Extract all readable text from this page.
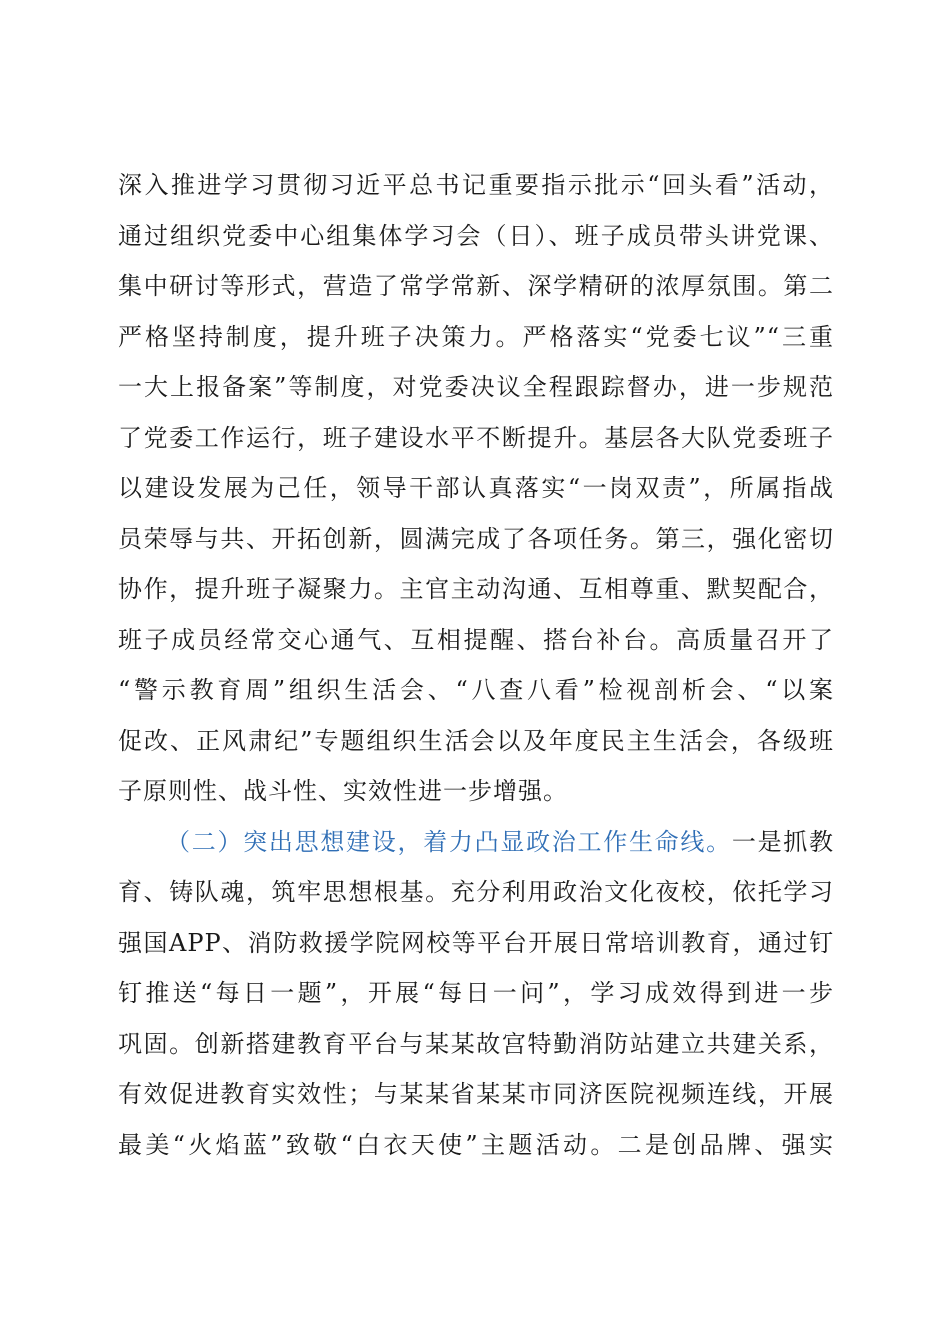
深入推进学习贯彻习近平总书记重要指示批示“回头看”活动，
通过组织党委中心组集体学习会（日）、班子成员带头讲党课、
集中研讨等形式，营造了常学常新、深学精研的浓厚氛围。第二
严格坚持制度，提升班子决策力。严格落实“党委七议”“三重
一大上报备案”等制度，对党委决议全程跟踪督办，进一步规范
了党委工作运行，班子建设水平不断提升。基层各大队党委班子
以建设发展为己任，领导干部认真落实“一岗双责”，所属指战
员荣辱与共、开拓创新，圆满完成了各项任务。第三，强化密切
协作，提升班子凝聚力。主官主动沟通、互相尊重、默契配合，
班子成员经常交心通气、互相提醒、搭台补台。高质量召开了
“警示教育周”组织生活会、“八查八看”检视剖析会、“以案
促改、正风肃纪”专题组织生活会以及年度民主生活会，各级班
子原则性、战斗性、实效性进一步增强。
（二）突出思想建设，着力凸显政治工作生命线。一是抓教
育、铸队魂，筑牢思想根基。充分利用政治文化夜校，依托学习
强国APP、消防救援学院网校等平台开展日常培训教育，通过钉
钉推送“每日一题”，开展“每日一问”，学习成效得到进一步
巩固。创新搭建教育平台与某某故宫特勤消防站建立共建关系，
有效促进教育实效性；与某某省某某市同济医院视频连线，开展
最美“火焰蓝”致敬“白衣天使”主题活动。二是创品牌、强实
